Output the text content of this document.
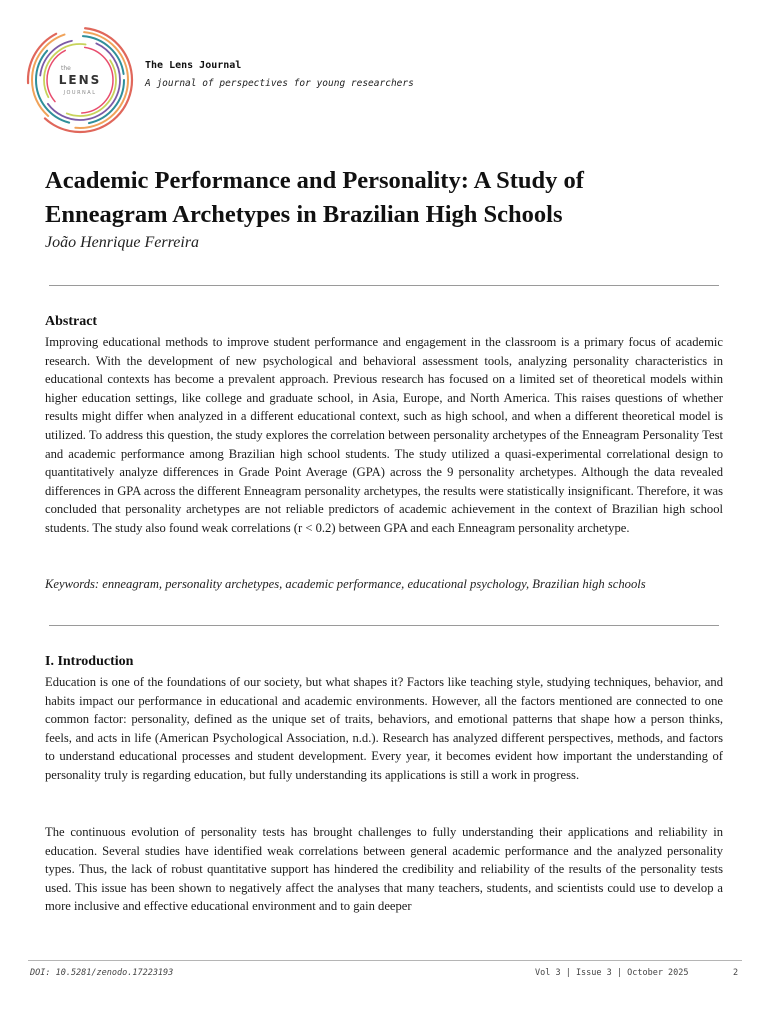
the
LENS
JOURNAL
The Lens Journal
A journal of perspectives for young researchers
Academic Performance and Personality: A Study of
Enneagram Archetypes in Brazilian High Schools

João Henrique Ferreira

Abstract

Improving educational methods to improve student performance and engagement in the classroom is a primary focus of academic research. With the development of new psychological and behavioral assessment tools, analyzing personality characteristics in educational contexts has become a prevalent approach. Previous research has focused on a limited set of theoretical models within higher education settings, like college and graduate school, in Asia, Europe, and North America. This raises questions of whether results might differ when analyzed in a different educational context, such as high school, and when a different theoretical model is utilized. To address this question, the study explores the correlation between personality archetypes of the Enneagram Personality Test and academic performance among Brazilian high school students. The study utilized a quasi-experimental correlational design to quantitatively analyze differences in Grade Point Average (GPA) across the 9 personality archetypes. Although the data revealed differences in GPA across the different Enneagram personality archetypes, the results were statistically insignificant. Therefore, it was concluded that personality archetypes are not reliable predictors of academic achievement in the context of Brazilian high school students. The study also found weak correlations (r < 0.2) between GPA and each Enneagram personality archetype.

Keywords: enneagram, personality archetypes, academic performance, educational psychology, Brazilian high schools

I. Introduction

Education is one of the foundations of our society, but what shapes it? Factors like teaching style, studying techniques, behavior, and habits impact our performance in educational and academic environments. However, all the factors mentioned are connected to one common factor: personality, defined as the unique set of traits, behaviors, and emotional patterns that shape how a person thinks, feels, and acts in life (American Psychological Association, n.d.). Research has analyzed different perspectives, methods, and factors to understand educational processes and student development. Every year, it becomes evident how important the understanding of personality truly is regarding education, but fully understanding its applications is still a work in progress.

The continuous evolution of personality tests has brought challenges to fully understanding their applications and reliability in education. Several studies have identified weak correlations between general academic performance and the analyzed personality types. Thus, the lack of robust quantitative support has hindered the credibility and reliability of the results of the personality tests used. This issue has been shown to negatively affect the analyses that many teachers, students, and scientists could use to develop a more inclusive and effective educational environment and to gain deeper

DOI: 10.5281/zenodo.17223193	Vol 3 | Issue 3 | October 2025	2
